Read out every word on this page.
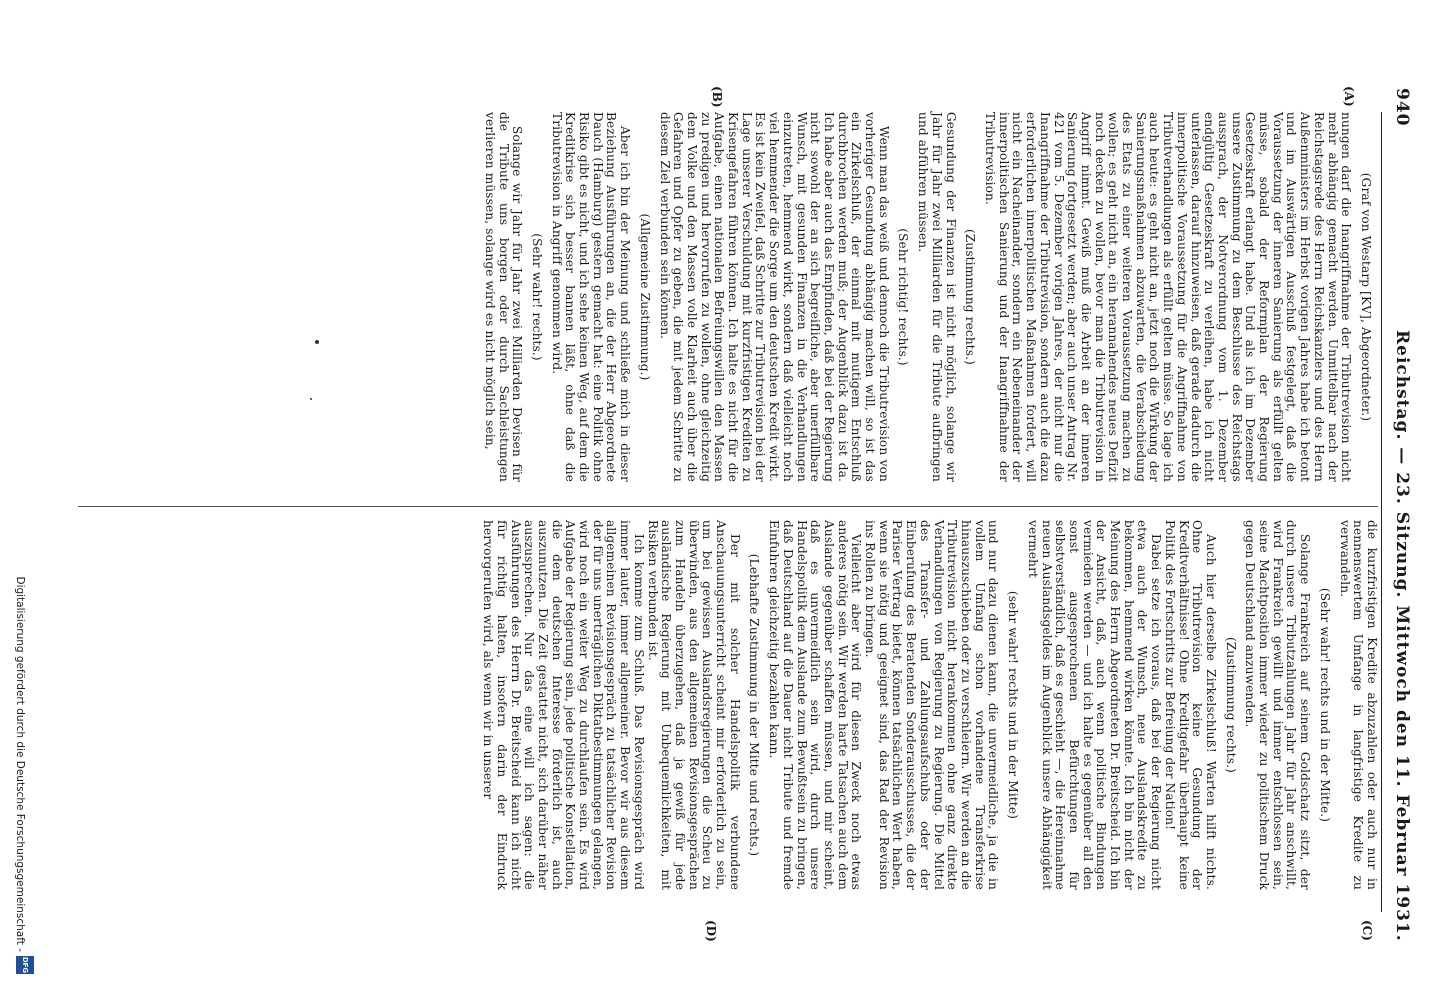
940
Reichstag. — 23. Sitzung. Mittwoch den 11. Februar 1931.
(A)
(B)
(C)
(D)

(Graf von Westarp [KV], Abgeordneter.)

nungen darf die Inangriffnahme der Tributrevision nicht mehr abhängig gemacht werden. Unmittelbar nach der Reichstagsrede des Herrn Reichskanzlers und des Herrn Außenministers im Herbst vorigen Jahres habe ich betont und im Auswärtigen Ausschuß festgelegt, daß die Voraussetzung der inneren Sanierung als erfüllt gelten müsse, sobald der Reformplan der Regierung Gesetzeskraft erlangt habe. Und als ich im Dezember unsere Zustimmung zu dem Beschlusse des Reichstags aussprach, der Notverordnung vom 1. Dezember endgültig Gesetzeskraft zu verleihen, habe ich nicht unterlassen, darauf hinzuweisen, daß gerade dadurch die innerpolitische Voraussetzung für die Angriffnahme von Tributverhandlungen als erfüllt gelten müsse. So lage ich auch heute: es geht nicht an, jetzt noch die Wirkung der Sanierungsmaßnahmen abzuwarten, die Verabschiedung des Etats zu einer weiteren Voraussetzung machen zu wollen; es geht nicht an, ein herannahendes neues Defizit noch decken zu wollen, bevor man die Tributrevision in Angriff nimmt. Gewiß muß die Arbeit an der inneren Sanierung fortgesetzt werden; aber auch unser Antrag Nr. 421 vom 5. Dezember vorigen Jahres, der nicht nur die Inangriffnahme der Tributrevision, sondern auch die dazu erforderlichen innerpolitischen Maßnahmen fordert, will nicht ein Nacheinander, sondern ein Nebeneinander der innerpolitischen Sanierung und der Inangriffnahme der Tributrevision.

(Zustimmung rechts.)

Gesundung der Finanzen ist nicht möglich, solange wir Jahr für Jahr zwei Milliarden für die Tribute aufbringen und abführen müssen.

(Sehr richtig! rechts.)

Wenn man das weiß und dennoch die Tributrevision von vorheriger Gesundung abhängig machen will, so ist das ein Zirkelschluß, der einmal mit mutigem Entschluß durchbrochen werden muß; der Augenblick dazu ist da. Ich habe aber auch das Empfinden, daß bei der Regierung nicht sowohl der an sich begreifliche, aber unerfüllbare Wunsch, mit gesunden Finanzen in die Verhandlungen einzutreten, hemmend wirkt, sondern daß vielleicht noch viel hemmender die Sorge um den deutschen Kredit wirkt. Es ist kein Zweifel, daß Schritte zur Tributrevision bei der Lage unserer Verschuldung mit kurzfristigen Krediten zu Krisengefahren führen können. Ich halte es nicht für die Aufgabe, einen nationalen Befreiungswillen den Massen zu predigen und hervorrufen zu wollen, ohne gleichzeitig dem Volke und den Massen volle Klarheit auch über die Gefahren und Opfer zu geben, die mit jedem Schritte zu diesem Ziel verbunden sein können.

(Allgemeine Zustimmung.)

Aber ich bin der Meinung und schließe mich in dieser Beziehung Ausführungen an, die der Herr Abgeordnete Dauch (Hamburg) gestern gemacht hat: eine Politik ohne Risiko gibt es nicht, und ich sehe keinen Weg, auf dem die Kreditkrise sich besser bannen läßt, ohne daß die Tributrevision in Angriff genommen wird.

(Sehr wahr! rechts.)

Solange wir Jahr für Jahr zwei Milliarden Devisen für die Tribute uns borgen oder durch Sachleistungen verlieren müssen, solange wird es nicht möglich sein,

die kurzfristigen Kredite abzuzahlen oder auch nur in nennenswertem Umfange in langfristige Kredite zu verwandeln.

(Sehr wahr! rechts und in der Mitte.)

Solange Frankreich auf seinem Goldschatz sitzt, der durch unsere Tributzahlungen Jahr für Jahr anschwillt, wird Frankreich gewillt und immer entschlossen sein, seine Machtposition immer wieder zu politischem Druck gegen Deutschland anzuwenden.

(Zustimmung rechts.)

Auch hier derselbe Zirkelschluß! Warten hilft nichts. Ohne Tributrevision keine Gesundung der Kreditverhältnisse! Ohne Kreditgefahr überhaupt keine Politik des Fortschritts zur Befreiung der Nation!

Dabei setze ich voraus, daß bei der Regierung nicht etwa auch der Wunsch, neue Auslandskredite zu bekommen, hemmend wirken könnte. Ich bin nicht der Meinung des Herrn Abgeordneten Dr. Breitscheid. Ich bin der Ansicht, daß, auch wenn politische Bindungen vermieden werden — und ich halte es gegenüber all den sonst ausgesprochenen Befürchtungen für selbstverständlich, daß es geschieht —, die Hereinnahme neuen Auslandsgeldes im Augenblick unsere Abhängigkeit vermehrt

(sehr wahr! rechts und in der Mitte)

und nur dazu dienen kann, die unvermeidliche, ja die in vollem Umfang schon vorhandene Transferkrise hinauszuschieben oder zu verschleiern. Wir werden an die Tributrevision nicht herankommen ohne ganz direkte Verhandlungen von Regierung zu Regierung. Die Mittel des Transfer- und Zahlungsaufschubs oder der Einberufung des Beratenden Sonderausschusses, die der Pariser Vertrag bietet, können tatsächlichen Wert haben, wenn sie nötig und geeignet sind, das Rad der Revision ins Rollen zu bringen.

Vielleicht aber wird für diesen Zweck noch etwas anderes nötig sein. Wir werden harte Tatsachen auch dem Auslande gegenüber schaffen müssen, und mir scheint, daß es unvermeidlich sein wird, durch unsere Handelspolitik dem Auslande zum Bewußtsein zu bringen, daß Deutschland auf die Dauer nicht Tribute und fremde Einfuhren gleichzeitig bezahlen kann.

(Lebhafte Zustimmung in der Mitte und rechts.)

Der mit solcher Handelspolitik verbundene Anschauungsunterricht scheint mir erforderlich zu sein, um bei gewissen Auslandsregierungen die Scheu zu überwinden, aus den allgemeinen Revisionsgesprächen zum Handeln überzugehen, daß ja gewiß für jede ausländische Regierung mit Unbequemlichkeiten, mit Risiken verbunden ist.

Ich komme zum Schluß. Das Revisionsgespräch wird immer lauter, immer allgemeiner. Bevor wir aus diesem allgemeinen Revisionsgespräch zu tatsächlicher Revision der für uns unerträglichen Diktatbestimmungen gelangen, wird noch ein weiter Weg zu durchlaufen sein. Es wird Aufgabe der Regierung sein, jede politische Konstellation, die dem deutschen Interesse förderlich ist, auch auszunutzen. Die Zeit gestattet nicht, sich darüber näher auszusprechen. Nur das eine will ich sagen: die Ausführungen des Herrn Dr. Breitscheid kann ich nicht für richtig halten, insofern darin der Eindruck hervorgerufen wird, als wenn wir in unserer

Digitalisierung gefördert durch die Deutsche Forschungsgemeinschaft -
DFG
